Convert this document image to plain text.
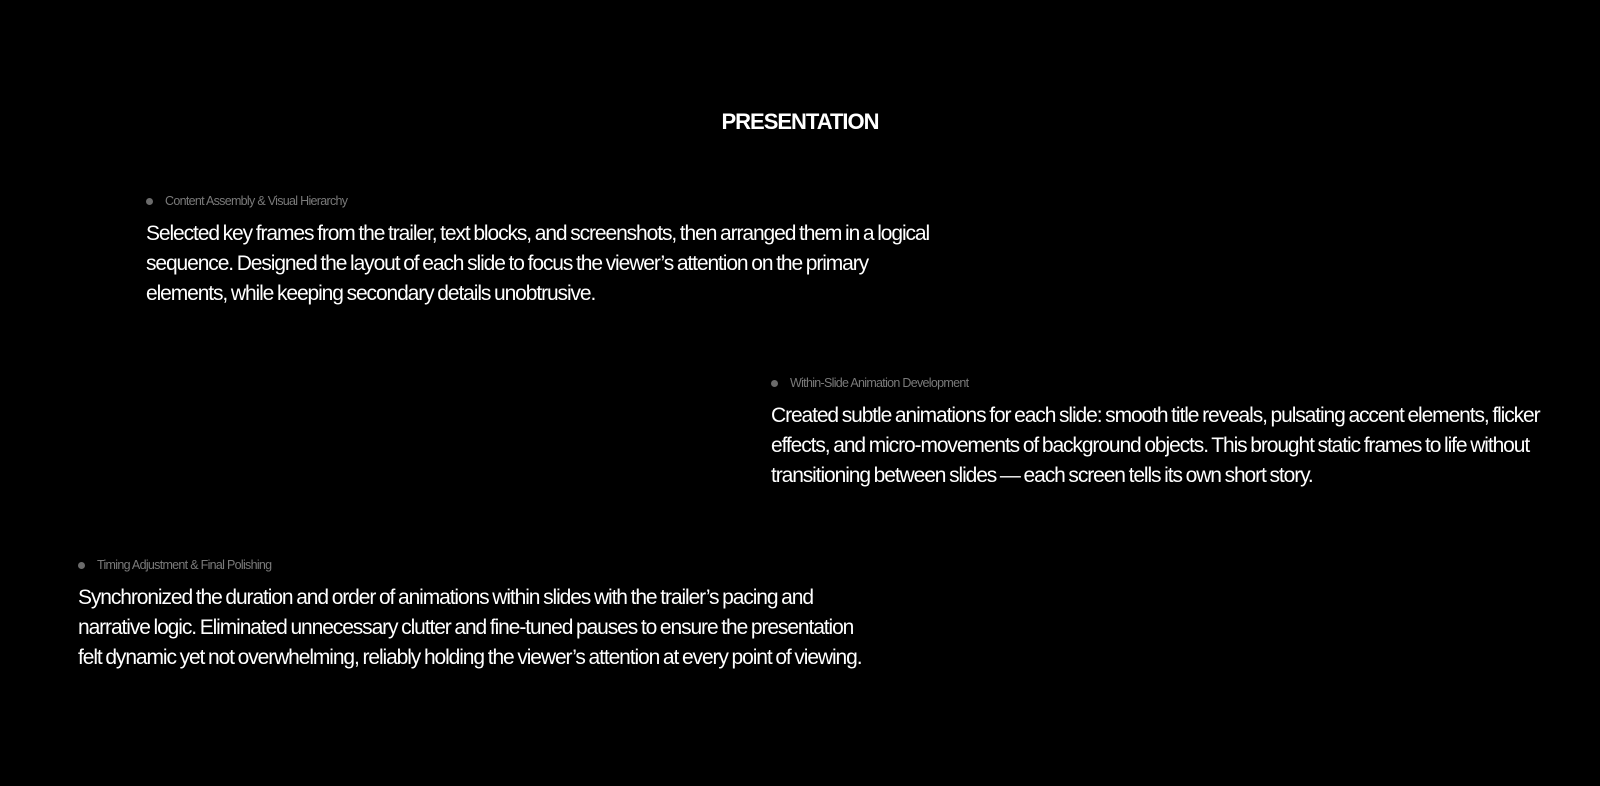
PRESENTATION
Content Assembly & Visual Hierarchy

Selected key frames from the trailer, text blocks, and screenshots, then arranged them in a logical sequence. Designed the layout of each slide to focus the viewer’s attention on the primary elements, while keeping secondary details unobtrusive.

Within-Slide Animation Development

Created subtle animations for each slide: smooth title reveals, pulsating accent elements, flicker effects, and micro-movements of background objects. This brought static frames to life without transitioning between slides — each screen tells its own short story.

Timing Adjustment & Final Polishing

Synchronized the duration and order of animations within slides with the trailer’s pacing and narrative logic. Eliminated unnecessary clutter and fine-tuned pauses to ensure the presentation felt dynamic yet not overwhelming, reliably holding the viewer’s attention at every point of viewing.
